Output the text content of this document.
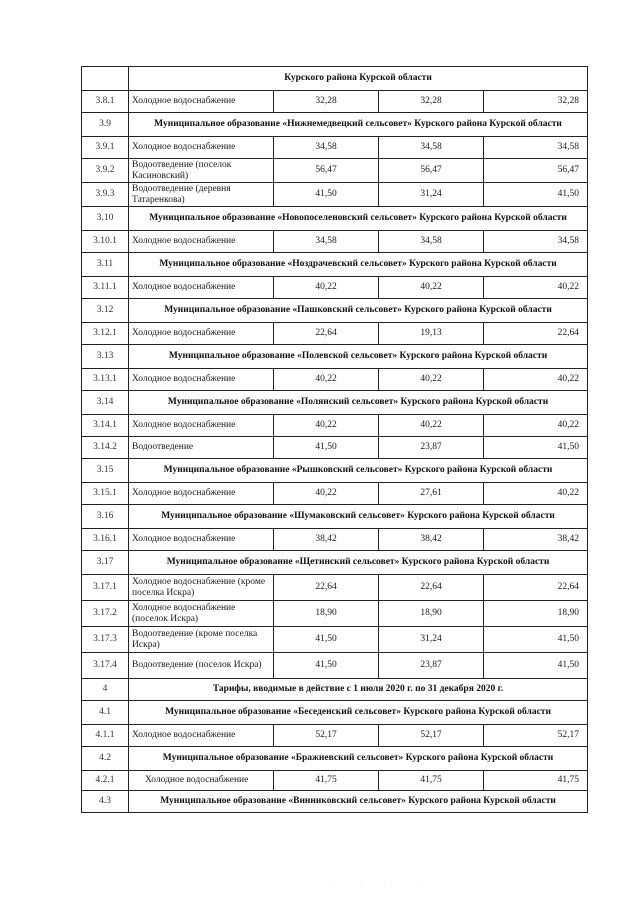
	Курского района Курской области			
3.8.1	Холодное водоснабжение	32,28	32,28	32,28
3.9	Муниципальное образование «Нижнемедвецкий сельсовет» Курского района Курской области			
3.9.1	Холодное водоснабжение	34,58	34,58	34,58
3.9.2	Водоотведение (поселок Касиновский)	56,47	56,47	56,47
3.9.3	Водоотведение (деревня Татаренкова)	41,50	31,24	41,50
3.10	Муниципальное образование «Новопоселеновский сельсовет» Курского района Курской области			
3.10.1	Холодное водоснабжение	34,58	34,58	34,58
3.11	Муниципальное образование «Ноздрачевский сельсовет» Курского района Курской области			
3.11.1	Холодное водоснабжение	40,22	40,22	40,22
3.12	Муниципальное образование «Пашковский сельсовет» Курского района Курской области			
3.12.1	Холодное водоснабжение	22,64	19,13	22,64
3.13	Муниципальное образование «Полевской сельсовет» Курского района Курской области			
3.13.1	Холодное водоснабжение	40,22	40,22	40,22
3.14	Муниципальное образование «Полянский сельсовет» Курского района Курской области			
3.14.1	Холодное водоснабжение	40,22	40,22	40,22
3.14.2	Водоотведение	41,50	23,87	41,50
3.15	Муниципальное образование «Рышковский сельсовет» Курского района Курской области			
3.15.1	Холодное водоснабжение	40,22	27,61	40,22
3.16	Муниципальное образование «Шумаковский сельсовет» Курского района Курской области			
3.16.1	Холодное водоснабжение	38,42	38,42	38,42
3.17	Муниципальное образование «Щетинский сельсовет» Курского района Курской области			
3.17.1	Холодное водоснабжение (кроме поселка Искра)	22,64	22,64	22,64
3.17.2	Холодное водоснабжение (поселок Искра)	18,90	18,90	18,90
3.17.3	Водоотведение (кроме поселка Искра)	41,50	31,24	41,50
3.17.4	Водоотведение (поселок Искра)	41,50	23,87	41,50
4	Тарифы, вводимые в действие с 1 июля 2020 г. по 31 декабря 2020 г.			
4.1	Муниципальное образование «Беседенский сельсовет» Курского района Курской области			
4.1.1	Холодное водоснабжение	52,17	52,17	52,17
4.2	Муниципальное образование «Бражневский сельсовет» Курского района Курской области			
4.2.1	Холодное водоснабжение	41,75	41,75	41,75
4.3	Муниципальное образование «Винниковский сельсовет» Курского района Курской области			
· · · ·
